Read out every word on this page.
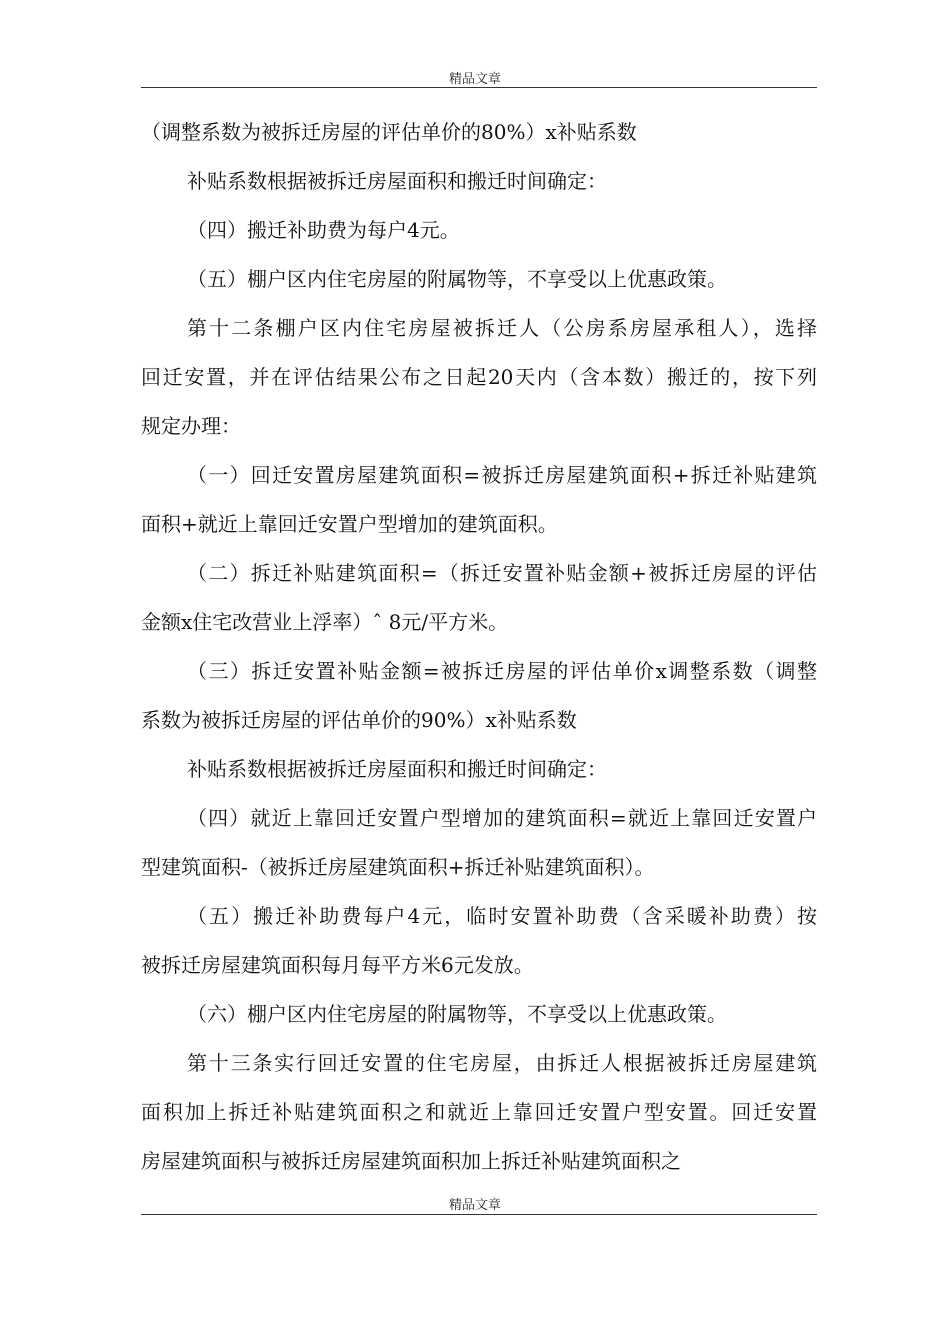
精品文章

（调整系数为被拆迁房屋的评估单价的80%）x补贴系数

补贴系数根据被拆迁房屋面积和搬迁时间确定：

（四）搬迁补助费为每户4元。

（五）棚户区内住宅房屋的附属物等，不享受以上优惠政策。

第十二条棚户区内住宅房屋被拆迁人（公房系房屋承租人），选择

回迁安置，并在评估结果公布之日起20天内（含本数）搬迁的，按下列

规定办理：

（一）回迁安置房屋建筑面积=被拆迁房屋建筑面积+拆迁补贴建筑

面积+就近上靠回迁安置户型增加的建筑面积。

（二）拆迁补贴建筑面积=（拆迁安置补贴金额+被拆迁房屋的评估

金额x住宅改营业上浮率）ˆ 8元/平方米。

（三）拆迁安置补贴金额=被拆迁房屋的评估单价x调整系数（调整

系数为被拆迁房屋的评估单价的90%）x补贴系数

补贴系数根据被拆迁房屋面积和搬迁时间确定：

（四）就近上靠回迁安置户型增加的建筑面积=就近上靠回迁安置户

型建筑面积-（被拆迁房屋建筑面积+拆迁补贴建筑面积）。

（五）搬迁补助费每户4元，临时安置补助费（含采暖补助费）按

被拆迁房屋建筑面积每月每平方米6元发放。

（六）棚户区内住宅房屋的附属物等，不享受以上优惠政策。

第十三条实行回迁安置的住宅房屋，由拆迁人根据被拆迁房屋建筑

面积加上拆迁补贴建筑面积之和就近上靠回迁安置户型安置。回迁安置

房屋建筑面积与被拆迁房屋建筑面积加上拆迁补贴建筑面积之

精品文章
